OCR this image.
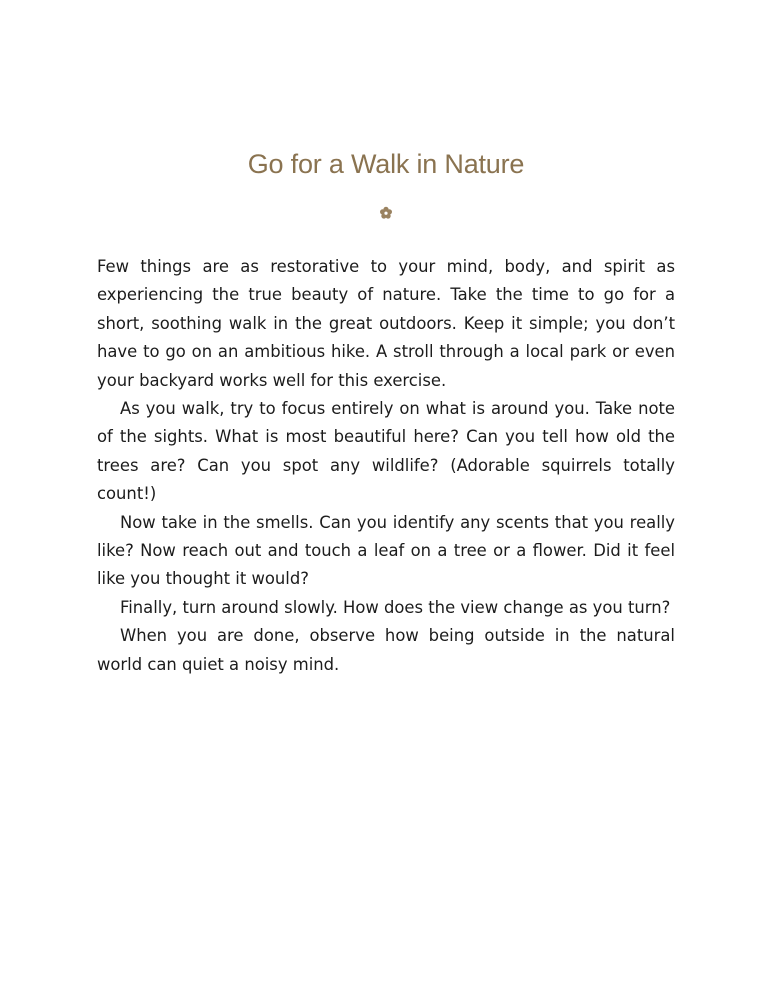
Go for a Walk in Nature

Few things are as restorative to your mind, body, and spirit as experiencing the true beauty of nature. Take the time to go for a short, soothing walk in the great outdoors. Keep it simple; you don’t have to go on an ambitious hike. A stroll through a local park or even your backyard works well for this exercise.

As you walk, try to focus entirely on what is around you. Take note of the sights. What is most beautiful here? Can you tell how old the trees are? Can you spot any wildlife? (Adorable squirrels totally count!)

Now take in the smells. Can you identify any scents that you really like? Now reach out and touch a leaf on a tree or a flower. Did it feel like you thought it would?

Finally, turn around slowly. How does the view change as you turn?

When you are done, observe how being outside in the natural world can quiet a noisy mind.
